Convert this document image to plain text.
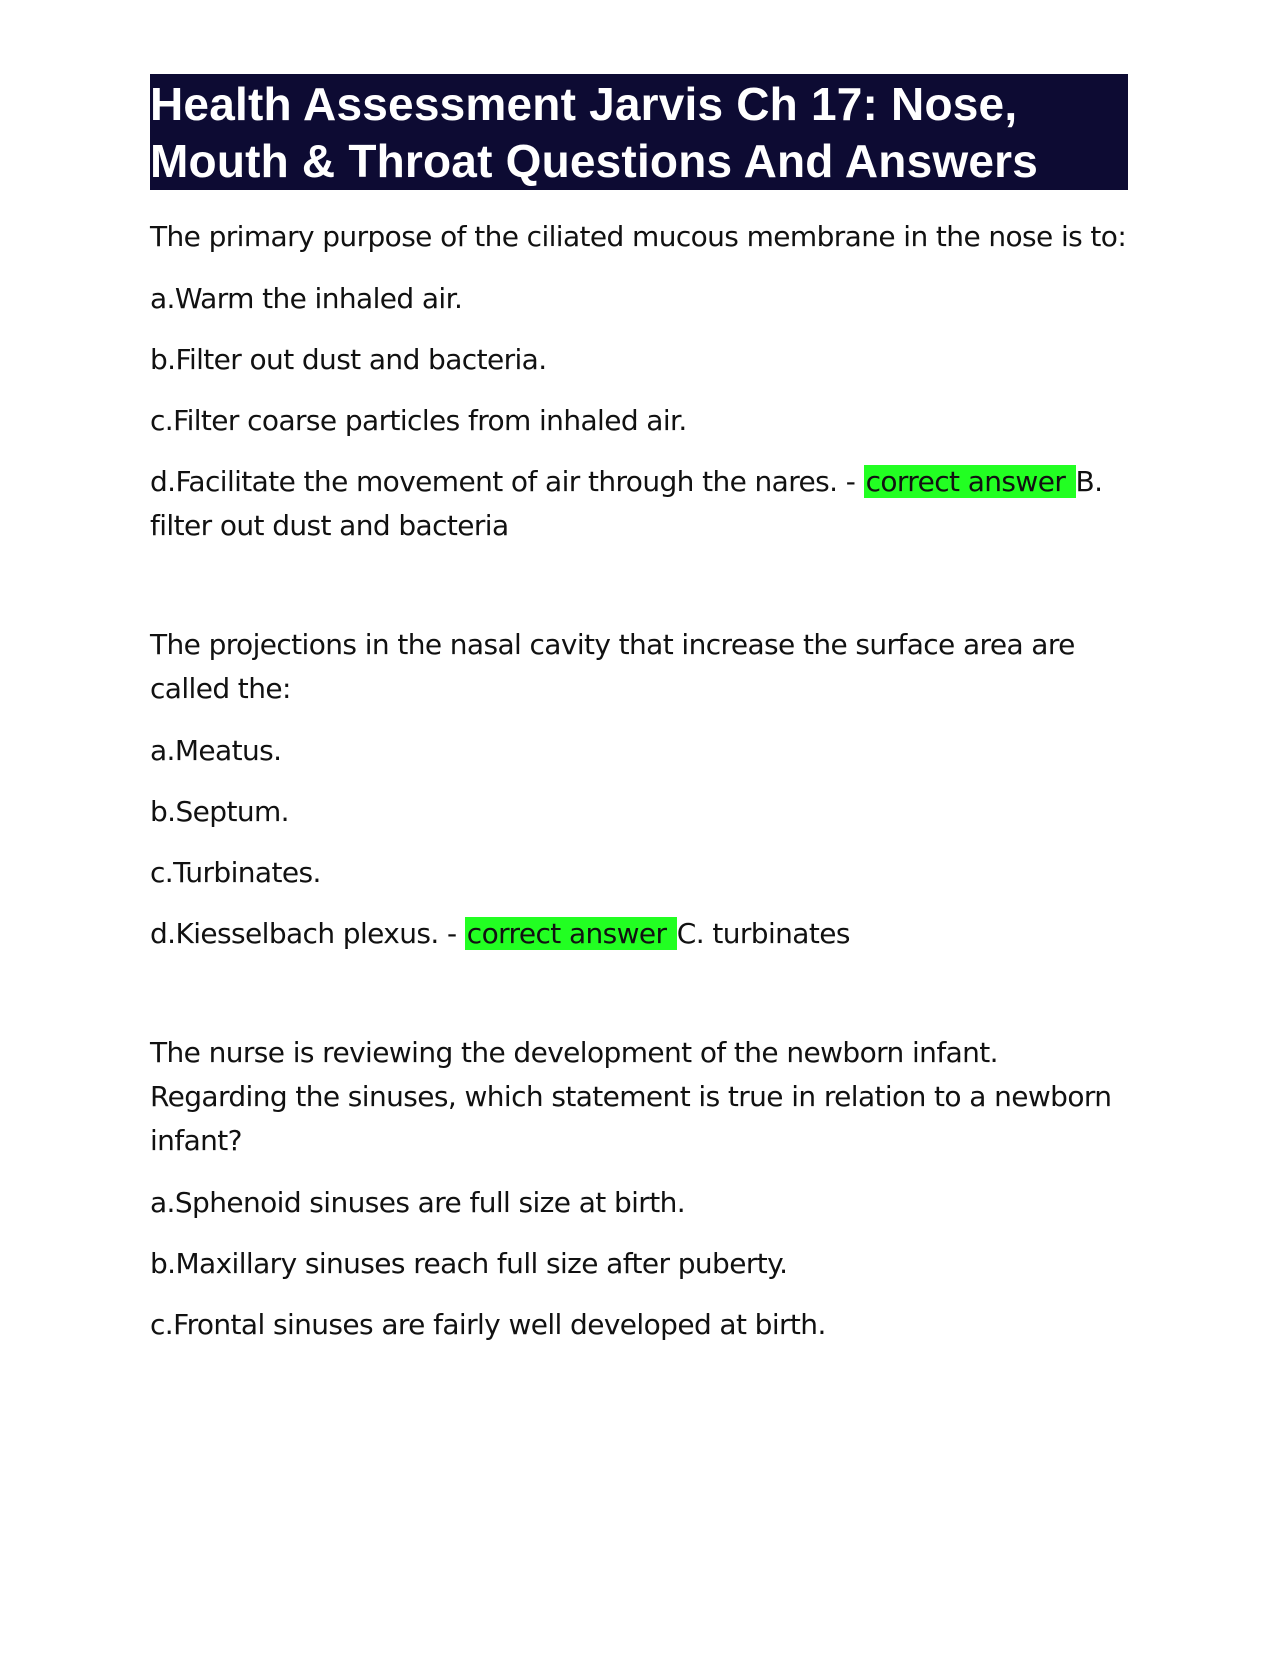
Health Assessment Jarvis Ch 17: Nose,
Mouth & Throat Questions And Answers

The primary purpose of the ciliated mucous membrane in the nose is to:

a.Warm the inhaled air.
b.Filter out dust and bacteria.
c.Filter coarse particles from inhaled air.
d.Facilitate the movement of air through the nares. - correct answer B. filter out dust and bacteria

The projections in the nasal cavity that increase the surface area are called the:

a.Meatus.
b.Septum.
c.Turbinates.
d.Kiesselbach plexus. - correct answer C. turbinates

The nurse is reviewing the development of the newborn infant. Regarding the sinuses, which statement is true in relation to a newborn infant?

a.Sphenoid sinuses are full size at birth.
b.Maxillary sinuses reach full size after puberty.
c.Frontal sinuses are fairly well developed at birth.
